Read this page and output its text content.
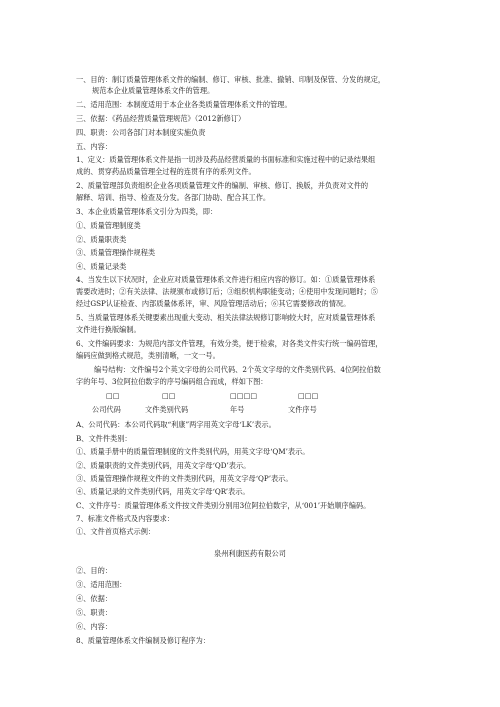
一、目的：制订质量管理体系文件的编制、修订、审核、批准、撤销、印制及保管、分发的规定，
规范本企业质量管理体系文件的管理。
二、适用范围：本制度适用于本企业各类质量管理体系文件的管理。
三、依据：《药品经营质量管理规范》（2012新修订）
四、职责：公司各部门对本制度实施负责
五、内容：
1、定义：质量管理体系文件是指一切涉及药品经营质量的书面标准和实施过程中的记录结果组
成的、贯穿药品质量管理全过程的连贯有序的系列文件。
2、质量管理部负责组织企业各项质量管理文件的编制、审核、修订、换版，并负责对文件的
解释、培训、指导、检查及分发。各部门协助、配合其工作。
3、本企业质量管理体系文引分为四类，即：
①、质量管理制度类
②、质量职责类
③、质量管理操作规程类
④、质量记录类
4、当发生以下状况时，企业应对质量管理体系文件进行相应内容的修订。如：①质量管理体系
需要改进时；②有关法律、法规颁布或修订后；③组织机构职能变动；④使用中发现问题时；⑤
经过GSP认证检查、内部质量体系评，审、风险管理活动后；⑥其它需要修改的情况。
5、当质量管理体系关键要素出现重大变动、相关法律法规修订影响较大时，应对质量管理体系
文件进行换版编制。
6、文件编码要求：为规范内部文件管理，有效分类，便于检索，对各类文件实行统一编码管理，
编码应做到格式规范，类别清晰，一文一号。
编号结构：文件编号2个英文字母的公司代码、2个英文字母的文件类别代码、4位阿拉伯数
字的年号、3位阿拉伯数字的序号编码组合而成，样如下图：
□□	□□	□□□□	□□□
公司代码	文件类别代码	年号	文件序号
A、公司代码：本公司代码取“利康”两字用英文字母‘LK’表示。
B、文件件类别：
①、质量手册中的质量管理制度的文件类别代码，用英文字母‘QM’表示。
②、质量职责的文件类别代码，用英文字母‘QD’表示。
③、质量管理操作规程文件的文件类别代码，用英文字母‘QP’表示。
④、质量记录的文件类别代码，用英文字母‘QR’表示。
C、文件序号：质量管理体系文件按文件类别分别用3位阿拉伯数字，从‘001’开始顺序编码。
7、标准文件格式及内容要求：
①、文件首页格式示例：
泉州利康医药有限公司
②、目的：
③、适用范围：
④、依据：
⑤、职责：
⑥、内容：
8、质量管理体系文件编制及修订程序为：
